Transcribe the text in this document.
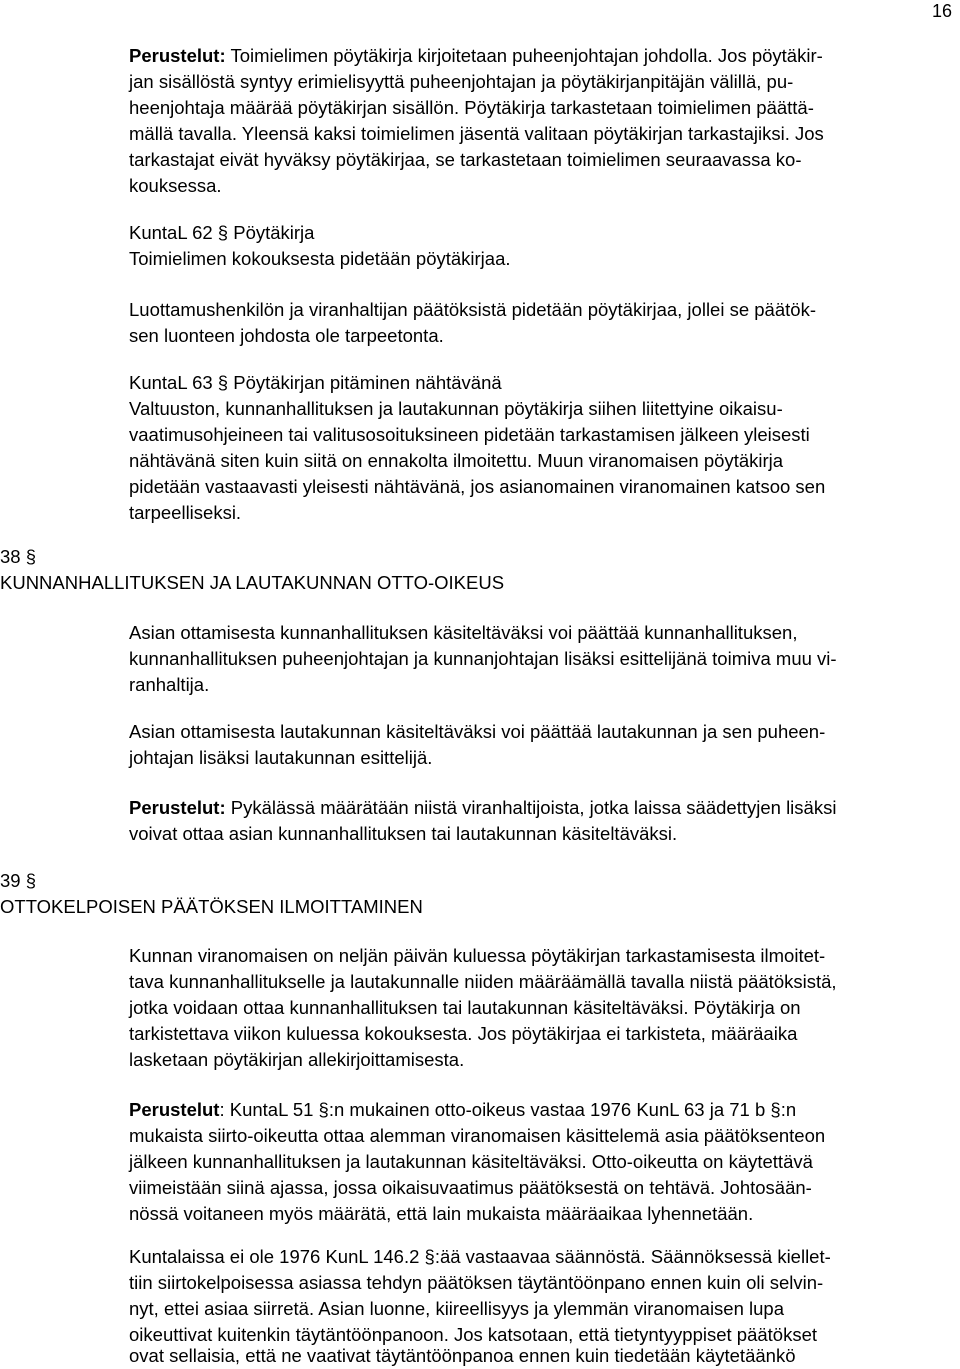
16
Perustelut: Toimielimen pöytäkirja kirjoitetaan puheenjohtajan johdolla. Jos pöytäkir-
jan sisällöstä syntyy erimielisyyttä puheenjohtajan ja pöytäkirjanpitäjän välillä, pu-
heenjohtaja määrää pöytäkirjan sisällön. Pöytäkirja tarkastetaan toimielimen päättä-
mällä tavalla. Yleensä kaksi toimielimen jäsentä valitaan pöytäkirjan tarkastajiksi. Jos
tarkastajat eivät hyväksy pöytäkirjaa, se tarkastetaan toimielimen seuraavassa ko-
kouksessa.
KuntaL 62 § Pöytäkirja
Toimielimen kokouksesta pidetään pöytäkirjaa.
Luottamushenkilön ja viranhaltijan päätöksistä pidetään pöytäkirjaa, jollei se päätök-
sen luonteen johdosta ole tarpeetonta.
KuntaL 63 § Pöytäkirjan pitäminen nähtävänä
Valtuuston, kunnanhallituksen ja lautakunnan pöytäkirja siihen liitettyine oikaisu-
vaatimusohjeineen tai valitusosoituksineen pidetään tarkastamisen jälkeen yleisesti
nähtävänä siten kuin siitä on ennakolta ilmoitettu. Muun viranomaisen pöytäkirja
pidetään vastaavasti yleisesti nähtävänä, jos asianomainen viranomainen katsoo sen
tarpeelliseksi.
38 §
KUNNANHALLITUKSEN JA LAUTAKUNNAN OTTO-OIKEUS
Asian ottamisesta kunnanhallituksen käsiteltäväksi voi päättää kunnanhallituksen,
kunnanhallituksen puheenjohtajan ja kunnanjohtajan lisäksi esittelijänä toimiva muu vi-
ranhaltija.
Asian ottamisesta lautakunnan käsiteltäväksi voi päättää lautakunnan ja sen puheen-
johtajan lisäksi lautakunnan esittelijä.
Perustelut: Pykälässä määrätään niistä viranhaltijoista, jotka laissa säädettyjen lisäksi
voivat ottaa asian kunnanhallituksen tai lautakunnan käsiteltäväksi.
39 §
OTTOKELPOISEN PÄÄTÖKSEN ILMOITTAMINEN
Kunnan viranomaisen on neljän päivän kuluessa pöytäkirjan tarkastamisesta ilmoitet-
tava kunnanhallitukselle ja lautakunnalle niiden määräämällä tavalla niistä päätöksistä,
jotka voidaan ottaa kunnanhallituksen tai lautakunnan käsiteltäväksi. Pöytäkirja on
tarkistettava viikon kuluessa kokouksesta. Jos pöytäkirjaa ei tarkisteta, määräaika
lasketaan pöytäkirjan allekirjoittamisesta.
Perustelut: KuntaL 51 §:n mukainen otto-oikeus vastaa 1976 KunL 63 ja 71 b §:n
mukaista siirto-oikeutta ottaa alemman viranomaisen käsittelemä asia päätöksenteon
jälkeen kunnanhallituksen ja lautakunnan käsiteltäväksi. Otto-oikeutta on käytettävä
viimeistään siinä ajassa, jossa oikaisuvaatimus päätöksestä on tehtävä. Johtosään-
nössä voitaneen myös määrätä, että lain mukaista määräaikaa lyhennetään.
Kuntalaissa ei ole 1976 KunL 146.2 §:ää vastaavaa säännöstä. Säännöksessä kiellet-
tiin siirtokelpoisessa asiassa tehdyn päätöksen täytäntöönpano ennen kuin oli selvin-
nyt, ettei asiaa siirretä. Asian luonne, kiireellisyys ja ylemmän viranomaisen lupa
oikeuttivat kuitenkin täytäntöönpanoon. Jos katsotaan, että tietyntyyppiset päätökset
ovat sellaisia, että ne vaativat täytäntöönpanoa ennen kuin tiedetään käytetäänkö
